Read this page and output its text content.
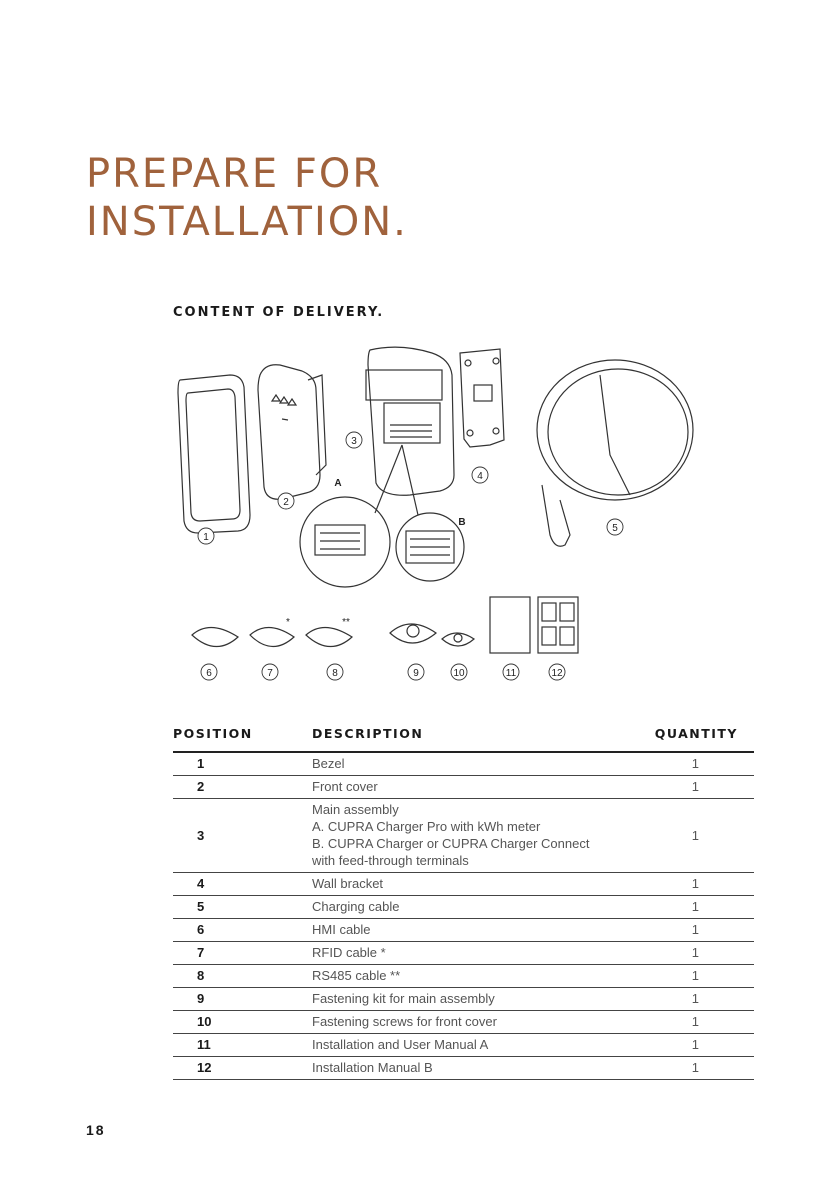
PREPARE FOR
INSTALLATION.
CONTENT OF DELIVERY.
1
2
3
4
5
6	7	8	9	10	11	12
A
B
*	**
POSITION	DESCRIPTION	QUANTITY
1	Bezel	1
2	Front cover	1
3	Main assembly
A. CUPRA Charger Pro with kWh meter
B. CUPRA Charger or CUPRA Charger Connect
with feed-through terminals	1
4	Wall bracket	1
5	Charging cable	1
6	HMI cable	1
7	RFID cable *	1
8	RS485 cable **	1
9	Fastening kit for main assembly	1
10	Fastening screws for front cover	1
11	Installation and User Manual A	1
12	Installation Manual B	1
18
